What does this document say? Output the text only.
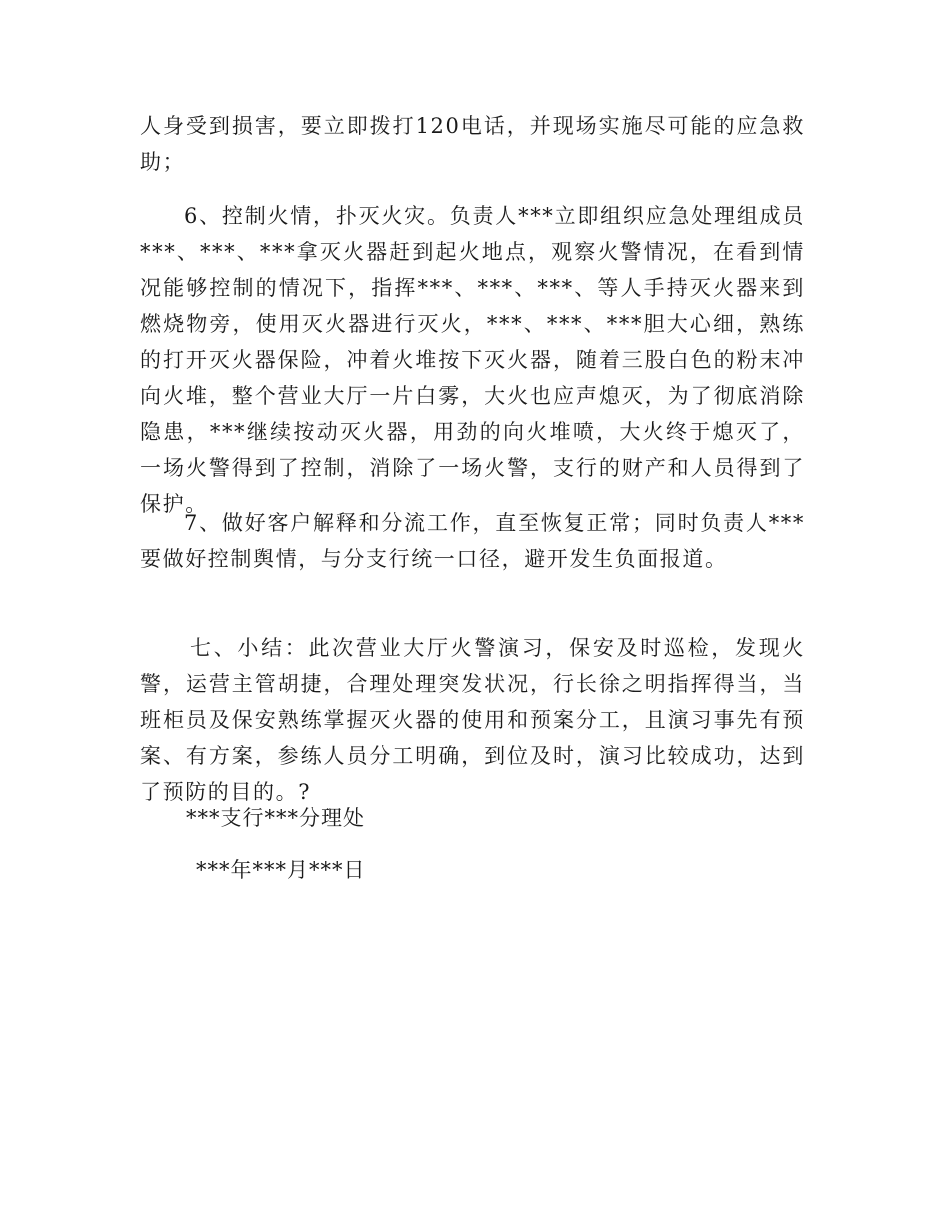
人身受到损害，要立即拨打120电话，并现场实施尽可能的应急救助；

6、控制火情，扑灭火灾。负责人***立即组织应急处理组成员***、***、***拿灭火器赶到起火地点，观察火警情况，在看到情况能够控制的情况下，指挥***、***、***、等人手持灭火器来到燃烧物旁，使用灭火器进行灭火，***、***、***胆大心细，熟练的打开灭火器保险，冲着火堆按下灭火器，随着三股白色的粉末冲向火堆，整个营业大厅一片白雾，大火也应声熄灭，为了彻底消除隐患，***继续按动灭火器，用劲的向火堆喷，大火终于熄灭了，一场火警得到了控制，消除了一场火警，支行的财产和人员得到了保护。

7、做好客户解释和分流工作，直至恢复正常；同时负责人***要做好控制舆情，与分支行统一口径，避开发生负面报道。

七、小结：此次营业大厅火警演习，保安及时巡检，发现火警，运营主管胡捷，合理处理突发状况，行长徐之明指挥得当，当班柜员及保安熟练掌握灭火器的使用和预案分工，且演习事先有预案、有方案，参练人员分工明确，到位及时，演习比较成功，达到了预防的目的。?

***支行***分理处

***年***月***日
